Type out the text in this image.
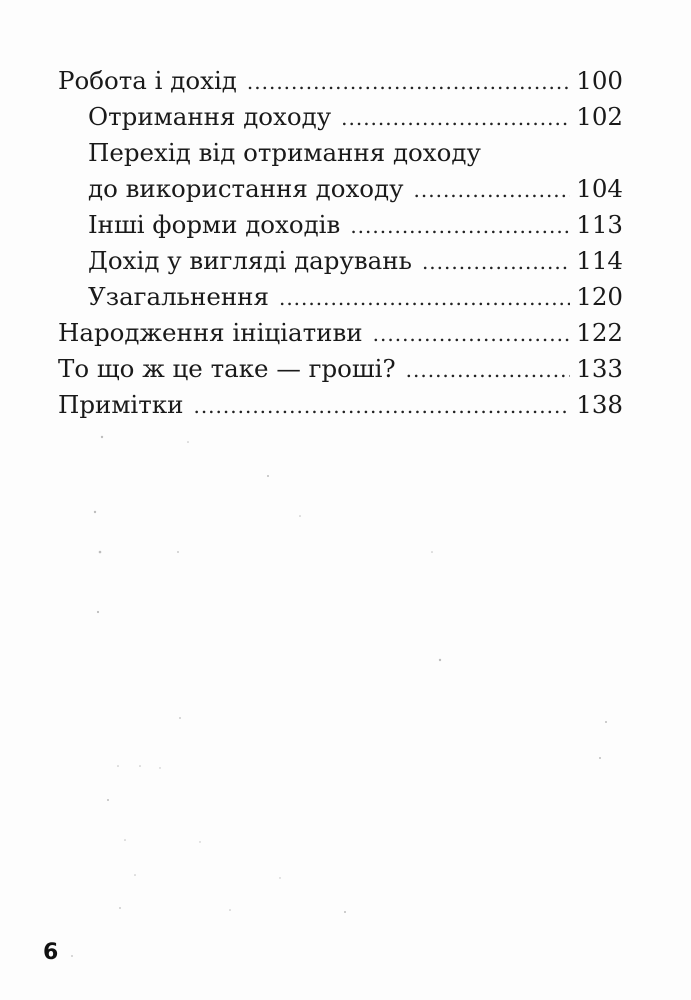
Робота і дохід .....	100
Отримання доходу .....	102
Перехід від отримання доходу
до використання доходу .....	104
Інші форми доходів .....	113
Дохід у вигляді дарувань .....	114
Узагальнення .....	120
Народження ініціативи .....	122
То що ж це таке — гроші? .....	133
Примітки .....	138
6
